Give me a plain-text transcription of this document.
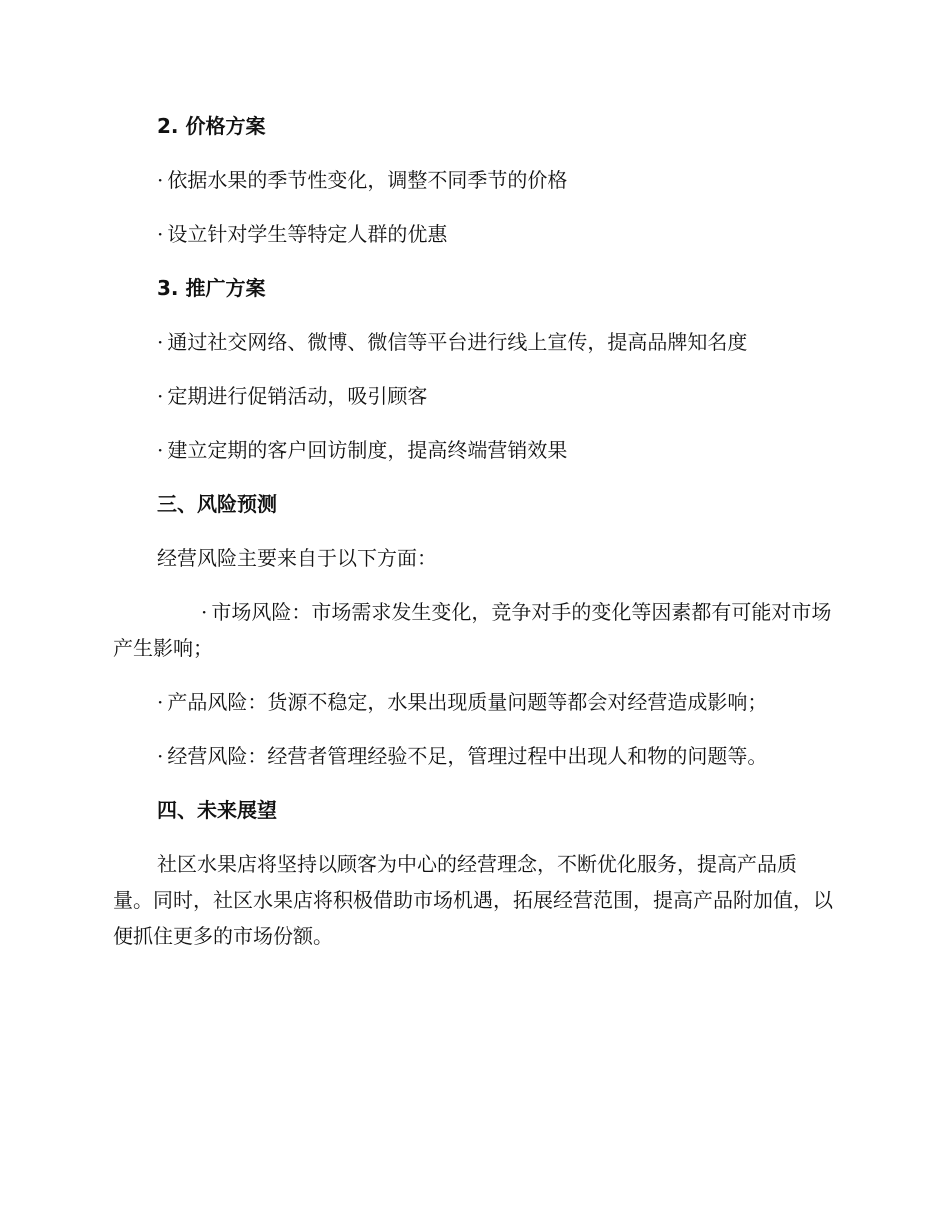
2. 价格方案
· 依据水果的季节性变化，调整不同季节的价格
· 设立针对学生等特定人群的优惠
3. 推广方案
· 通过社交网络、微博、微信等平台进行线上宣传，提高品牌知名度
· 定期进行促销活动，吸引顾客
· 建立定期的客户回访制度，提高终端营销效果
三、风险预测
经营风险主要来自于以下方面：
· 市场风险：市场需求发生变化，竞争对手的变化等因素都有可能对市场产生影响；
· 产品风险：货源不稳定，水果出现质量问题等都会对经营造成影响；
· 经营风险：经营者管理经验不足，管理过程中出现人和物的问题等。
四、未来展望
社区水果店将坚持以顾客为中心的经营理念，不断优化服务，提高产品质量。同时，社区水果店将积极借助市场机遇，拓展经营范围，提高产品附加值，以便抓住更多的市场份额。
